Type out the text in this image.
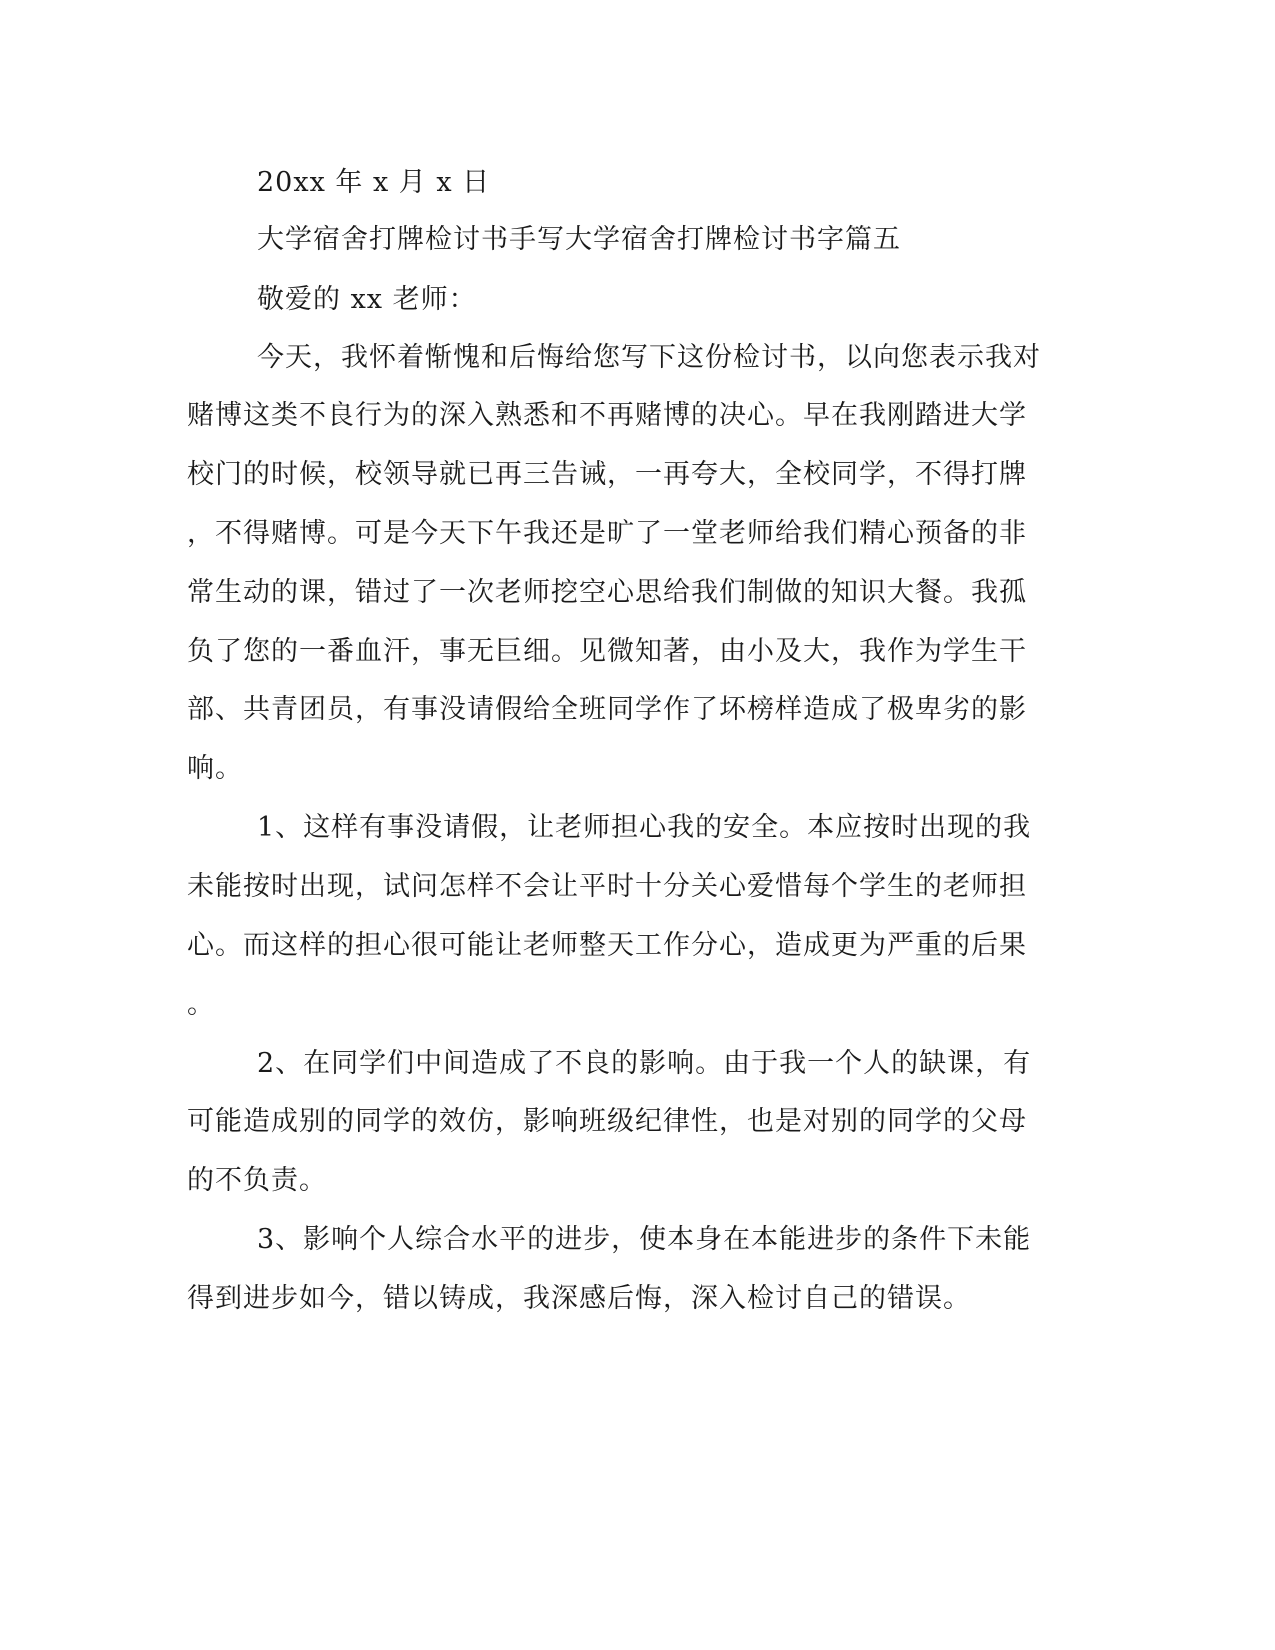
20xx 年 x 月 x 日
大学宿舍打牌检讨书手写大学宿舍打牌检讨书字篇五
敬爱的 xx 老师：
今天，我怀着惭愧和后悔给您写下这份检讨书，以向您表示我对
赌博这类不良行为的深入熟悉和不再赌博的决心。早在我刚踏进大学
校门的时候，校领导就已再三告诫，一再夸大，全校同学，不得打牌
，不得赌博。可是今天下午我还是旷了一堂老师给我们精心预备的非
常生动的课，错过了一次老师挖空心思给我们制做的知识大餐。我孤
负了您的一番血汗，事无巨细。见微知著，由小及大，我作为学生干
部、共青团员，有事没请假给全班同学作了坏榜样造成了极卑劣的影
响。
1、这样有事没请假，让老师担心我的安全。本应按时出现的我
未能按时出现，试问怎样不会让平时十分关心爱惜每个学生的老师担
心。而这样的担心很可能让老师整天工作分心，造成更为严重的后果
。
2、在同学们中间造成了不良的影响。由于我一个人的缺课，有
可能造成别的同学的效仿，影响班级纪律性，也是对别的同学的父母
的不负责。
3、影响个人综合水平的进步，使本身在本能进步的条件下未能
得到进步如今，错以铸成，我深感后悔，深入检讨自己的错误。
